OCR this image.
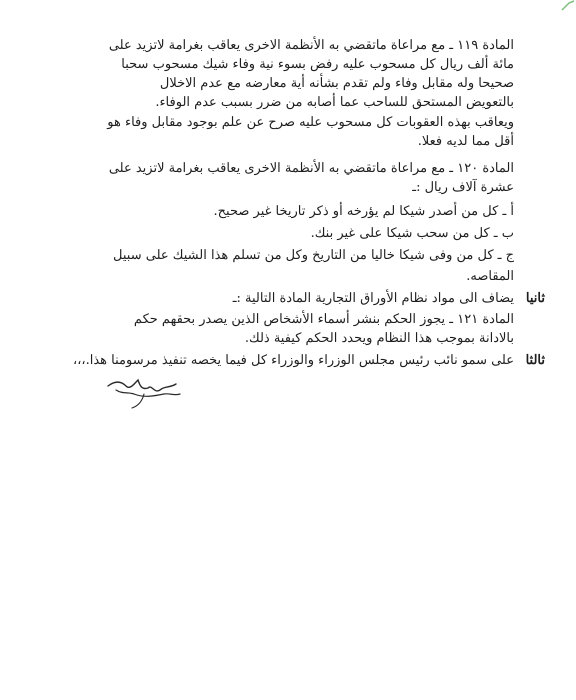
المادة ١١٩ ـ مع مراعاة ماتقضي به الأنظمة الاخرى يعاقب بغرامة لاتزيد على
مائة ألف ريال كل مسحوب عليه رفض بسوء نية وفاء شيك مسحوب سحبا
صحيحا وله مقابل وفاء ولم تقدم بشأنه أية معارضه مع عدم الاخلال
بالتعويض المستحق للساحب عما أصابه من ضرر بسبب عدم الوفاء.
ويعاقب بهذه العقوبات كل مسحوب عليه صرح عن علم بوجود مقابل وفاء هو
أقل مما لديه فعلا.
المادة ١٢٠ ـ مع مراعاة ماتقضي به الأنظمة الاخرى يعاقب بغرامة لاتزيد على
عشرة آلاف ريال :ـ
أ ـ كل من أصدر شيكا لم يؤرخه أو ذكر تاريخا غير صحيح.
ب ـ كل من سحب شيكا على غير بنك.
ج ـ كل من وفى شيكا خاليا من التاريخ وكل من تسلم هذا الشيك على سبيل
المقاصه.
ثانيا
يضاف الى مواد نظام الأوراق التجارية المادة التالية :ـ
المادة ١٢١ ـ يجوز الحكم بنشر أسماء الأشخاص الذين يصدر بحقهم حكم
بالادانة بموجب هذا النظام ويحدد الحكم كيفية ذلك.
ثالثا
على سمو نائب رئيس مجلس الوزراء والوزراء كل فيما يخصه تنفيذ مرسومنا هذا.،،،
